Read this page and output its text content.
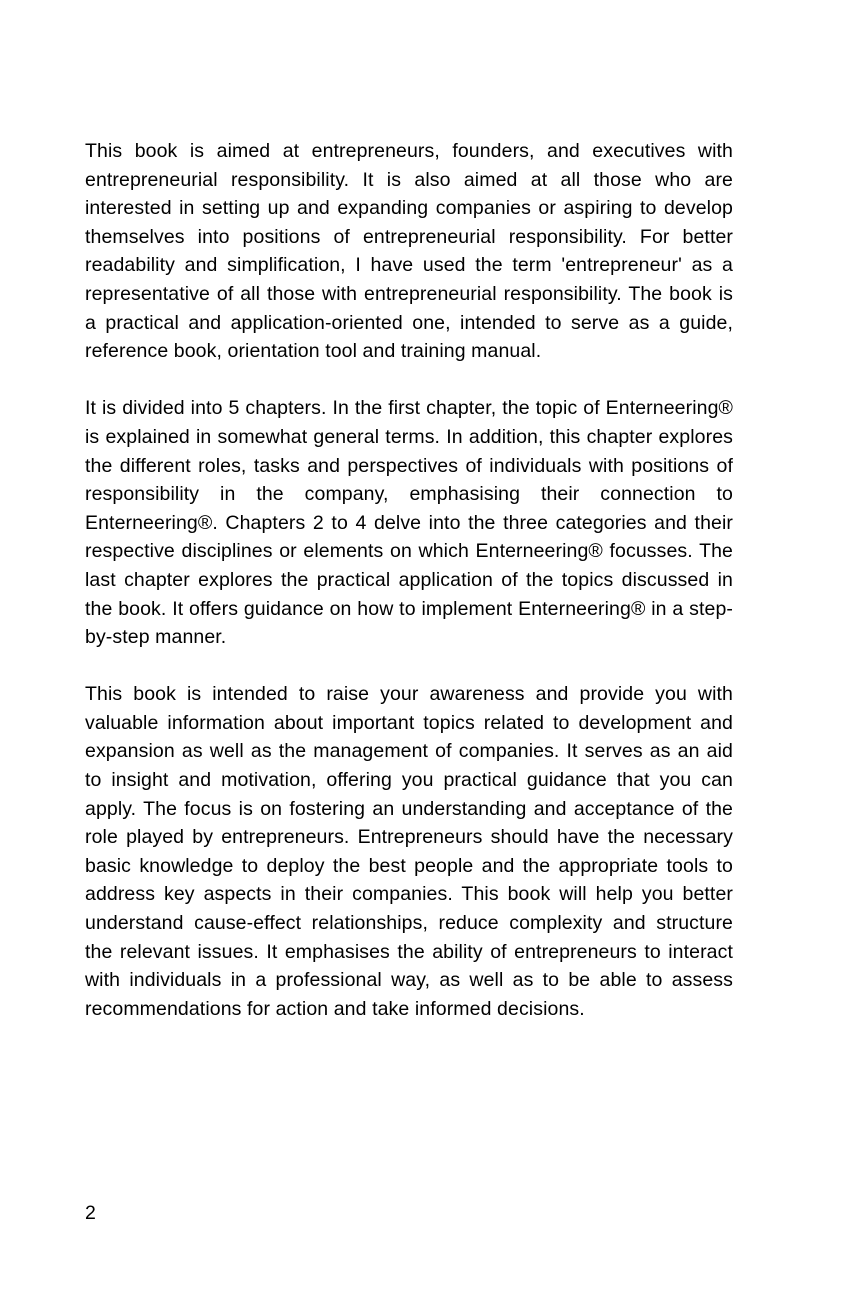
This book is aimed at entrepreneurs, founders, and executives with entrepreneurial responsibility. It is also aimed at all those who are interested in setting up and expanding companies or aspiring to develop themselves into positions of entrepreneurial responsibility. For better readability and simplification, I have used the term 'entrepreneur' as a representative of all those with entrepreneurial responsibility. The book is a practical and application-oriented one, intended to serve as a guide, reference book, orientation tool and training manual.

It is divided into 5 chapters. In the first chapter, the topic of Enterneering® is explained in somewhat general terms. In addition, this chapter explores the different roles, tasks and perspectives of individuals with positions of responsibility in the company, emphasising their connection to Enterneering®. Chapters 2 to 4 delve into the three categories and their respective disciplines or elements on which Enterneering® focusses. The last chapter explores the practical application of the topics discussed in the book. It offers guidance on how to implement Enterneering® in a step-by-step manner.

This book is intended to raise your awareness and provide you with valuable information about important topics related to development and expansion as well as the management of companies. It serves as an aid to insight and motivation, offering you practical guidance that you can apply. The focus is on fostering an understanding and acceptance of the role played by entrepreneurs. Entrepreneurs should have the necessary basic knowledge to deploy the best people and the appropriate tools to address key aspects in their companies. This book will help you better understand cause-effect relationships, reduce complexity and structure the relevant issues. It emphasises the ability of entrepreneurs to interact with individuals in a professional way, as well as to be able to assess recommendations for action and take informed decisions.

2
